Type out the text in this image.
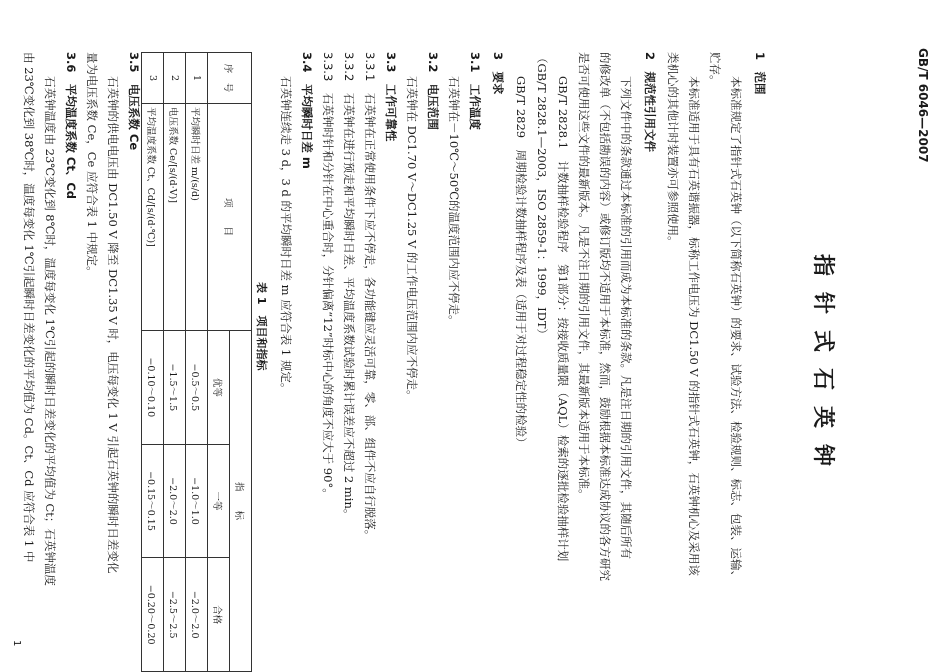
GB/T 6046—2007
指针式石英钟
1　范围
本标准规定了指针式石英钟（以下简称石英钟）的要求、试验方法、检验规则、标志、包装、运输、
贮存。
本标准适用于具有石英谐振器，标称工作电压为 DC1.50 V 的指针式石英钟，石英钟机心及采用该
类机心的其他计时装置亦可参照使用。
2　规范性引用文件
下列文件中的条款通过本标准的引用而成为本标准的条款。凡是注日期的引用文件，其随后所有
的修改单（不包括勘误的内容）或修订版均不适用于本标准，然而，鼓励根据本标准达成协议的各方研究
是否可使用这些文件的最新版本。凡是不注日期的引用文件，其最新版本适用于本标准。
GB/T 2828.1　计数抽样检验程序　第1部分：按接收质量限（AQL）检索的逐批检验抽样计划
（GB/T 2828.1—2003，ISO 2859-1：1999，IDT）
GB/T 2829　周期检验计数抽样程序及表（适用于对过程稳定性的检验）
3　要求
3.1　工作温度
石英钟在－10℃～50℃的温度范围内应不停走。
3.2　电压范围
石英钟在 DC1.70 V～DC1.25 V 的工作电压范围内应不停走。
3.3　工作可靠性
3.3.1　石英钟在正常使用条件下应不停走，各功能键应灵活可靠，零、部、组件不应自行脱落。
3.3.2　石英钟在进行预走和平均瞬时日差、平均温度系数试验时累计误差应不超过 2 min。
3.3.3　石英钟时针和分针在中心重合时，分针偏离“12”时标中心的角度不应大于 90°。
3.4　平均瞬时日差 m
石英钟连续走 3 d，3 d 的平均瞬时日差 m 应符合表 1 规定。
表 1　项目和指标
序　号	项　　目	指　　标		
		优等	一等	合格
1	平均瞬时日差 m/(s/d)	−0.5～0.5	−1.0～1.0	−2.0～2.0
2	电压系数 Ce/[s/(d·V)]	−1.5～1.5	−2.0～2.0	−2.5～2.5
3	平均温度系数 Ct、Cd/[s/(d·℃)]	−0.10～0.10	−0.15～0.15	−0.20～0.20
3.5　电压系数 Ce
石英钟的供电电压由 DC1.50 V 降至 DC1.35 V 时，电压每变化 1 V 引起石英钟的瞬时日差变化
量为电压系数 Ce，Ce 应符合表 1 中规定。
3.6　平均温度系数 Ct、Cd
石英钟温度由 23℃变化到 8℃时，温度每变化 1℃引起的瞬时日差变化的平均值为 Ct；石英钟温度
由 23℃变化到 38℃时，温度每变化 1℃引起瞬时日差变化的平均值为 Cd。Ct、Cd 应符合表 1 中
1
